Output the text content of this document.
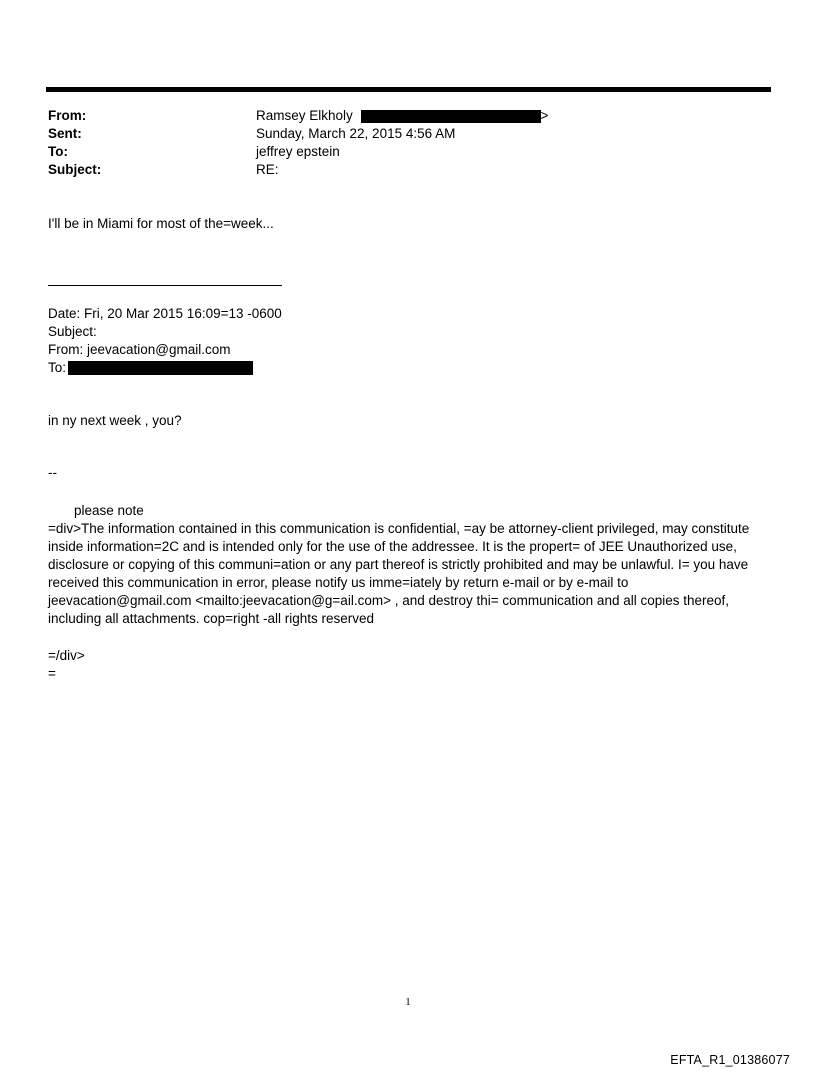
From:	Ramsey Elkholy	>
Sent:	Sunday, March 22, 2015 4:56 AM
To:	jeffrey epstein
Subject:	RE:
I'll be in Miami for most of the=week...
Date: Fri, 20 Mar 2015 16:09=13 -0600
Subject:
From: jeevacation@gmail.com
To:
in ny next week , you?
--
please note
=div>The information contained in this communication is confidential, =ay be attorney-client privileged, may constitute
inside information=2C and is intended only for the use of the addressee. It is the propert= of JEE Unauthorized use,
disclosure or copying of this communi=ation or any part thereof is strictly prohibited and may be unlawful. I= you have
received this communication in error, please notify us imme=iately by return e-mail or by e-mail to
jeevacation@gmail.com <mailto:jeevacation@g=ail.com> , and destroy thi= communication and all copies thereof,
including all attachments. cop=right -all rights reserved
=/div>
=
1
EFTA_R1_01386077
